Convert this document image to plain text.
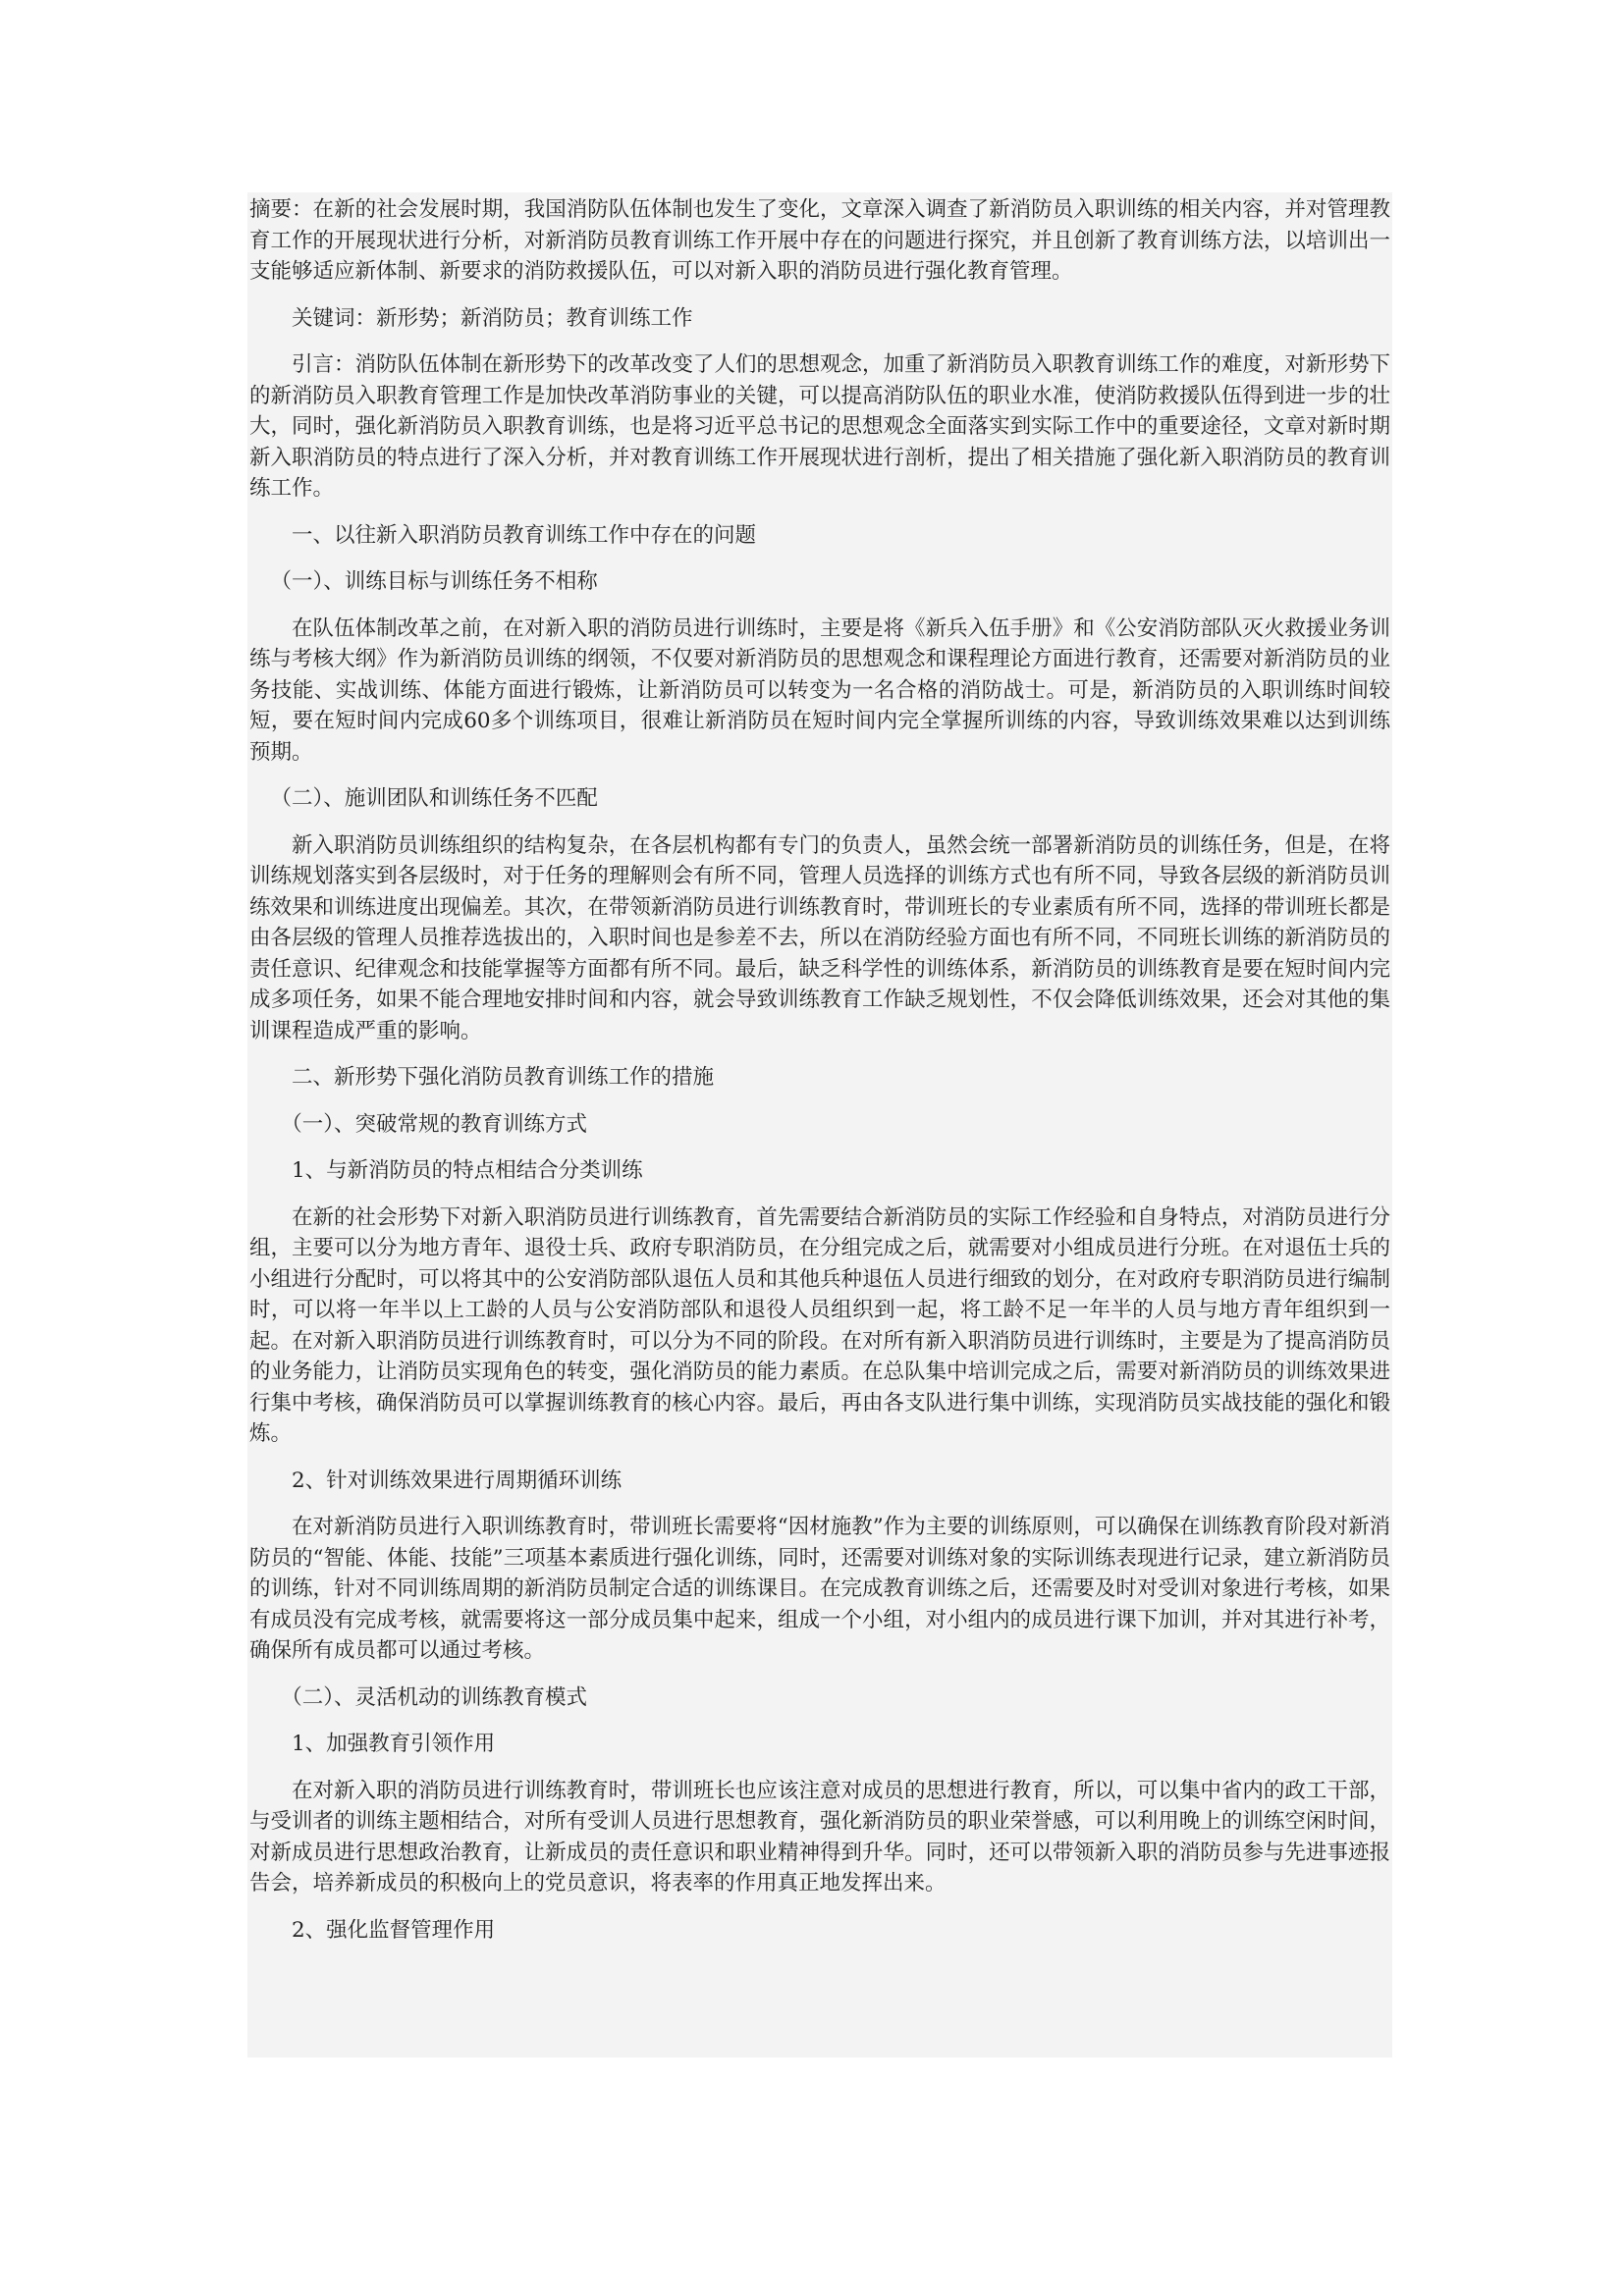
摘要：在新的社会发展时期，我国消防队伍体制也发生了变化，文章深入调查了新消防员入职训练的相关内容，并对管理教育工作的开展现状进行分析，对新消防员教育训练工作开展中存在的问题进行探究，并且创新了教育训练方法，以培训出一支能够适应新体制、新要求的消防救援队伍，可以对新入职的消防员进行强化教育管理。

关键词：新形势；新消防员；教育训练工作

引言：消防队伍体制在新形势下的改革改变了人们的思想观念，加重了新消防员入职教育训练工作的难度，对新形势下的新消防员入职教育管理工作是加快改革消防事业的关键，可以提高消防队伍的职业水准，使消防救援队伍得到进一步的壮大，同时，强化新消防员入职教育训练，也是将习近平总书记的思想观念全面落实到实际工作中的重要途径，文章对新时期新入职消防员的特点进行了深入分析，并对教育训练工作开展现状进行剖析，提出了相关措施了强化新入职消防员的教育训练工作。

一、以往新入职消防员教育训练工作中存在的问题

（一）、训练目标与训练任务不相称

在队伍体制改革之前，在对新入职的消防员进行训练时，主要是将《新兵入伍手册》和《公安消防部队灭火救援业务训练与考核大纲》作为新消防员训练的纲领，不仅要对新消防员的思想观念和课程理论方面进行教育，还需要对新消防员的业务技能、实战训练、体能方面进行锻炼，让新消防员可以转变为一名合格的消防战士。可是，新消防员的入职训练时间较短，要在短时间内完成60多个训练项目，很难让新消防员在短时间内完全掌握所训练的内容，导致训练效果难以达到训练预期。

（二）、施训团队和训练任务不匹配

新入职消防员训练组织的结构复杂，在各层机构都有专门的负责人，虽然会统一部署新消防员的训练任务，但是，在将训练规划落实到各层级时，对于任务的理解则会有所不同，管理人员选择的训练方式也有所不同，导致各层级的新消防员训练效果和训练进度出现偏差。其次，在带领新消防员进行训练教育时，带训班长的专业素质有所不同，选择的带训班长都是由各层级的管理人员推荐选拔出的，入职时间也是参差不去，所以在消防经验方面也有所不同，不同班长训练的新消防员的责任意识、纪律观念和技能掌握等方面都有所不同。最后，缺乏科学性的训练体系，新消防员的训练教育是要在短时间内完成多项任务，如果不能合理地安排时间和内容，就会导致训练教育工作缺乏规划性，不仅会降低训练效果，还会对其他的集训课程造成严重的影响。

二、新形势下强化消防员教育训练工作的措施

（一）、突破常规的教育训练方式

1、与新消防员的特点相结合分类训练

在新的社会形势下对新入职消防员进行训练教育，首先需要结合新消防员的实际工作经验和自身特点，对消防员进行分组，主要可以分为地方青年、退役士兵、政府专职消防员，在分组完成之后，就需要对小组成员进行分班。在对退伍士兵的小组进行分配时，可以将其中的公安消防部队退伍人员和其他兵种退伍人员进行细致的划分，在对政府专职消防员进行编制时，可以将一年半以上工龄的人员与公安消防部队和退役人员组织到一起，将工龄不足一年半的人员与地方青年组织到一起。在对新入职消防员进行训练教育时，可以分为不同的阶段。在对所有新入职消防员进行训练时，主要是为了提高消防员的业务能力，让消防员实现角色的转变，强化消防员的能力素质。在总队集中培训完成之后，需要对新消防员的训练效果进行集中考核，确保消防员可以掌握训练教育的核心内容。最后，再由各支队进行集中训练，实现消防员实战技能的强化和锻炼。

2、针对训练效果进行周期循环训练

在对新消防员进行入职训练教育时，带训班长需要将“因材施教”作为主要的训练原则，可以确保在训练教育阶段对新消防员的“智能、体能、技能”三项基本素质进行强化训练，同时，还需要对训练对象的实际训练表现进行记录，建立新消防员的训练，针对不同训练周期的新消防员制定合适的训练课目。在完成教育训练之后，还需要及时对受训对象进行考核，如果有成员没有完成考核，就需要将这一部分成员集中起来，组成一个小组，对小组内的成员进行课下加训，并对其进行补考，确保所有成员都可以通过考核。

（二）、灵活机动的训练教育模式

1、加强教育引领作用

在对新入职的消防员进行训练教育时，带训班长也应该注意对成员的思想进行教育，所以，可以集中省内的政工干部，与受训者的训练主题相结合，对所有受训人员进行思想教育，强化新消防员的职业荣誉感，可以利用晚上的训练空闲时间，对新成员进行思想政治教育，让新成员的责任意识和职业精神得到升华。同时，还可以带领新入职的消防员参与先进事迹报告会，培养新成员的积极向上的党员意识，将表率的作用真正地发挥出来。

2、强化监督管理作用
